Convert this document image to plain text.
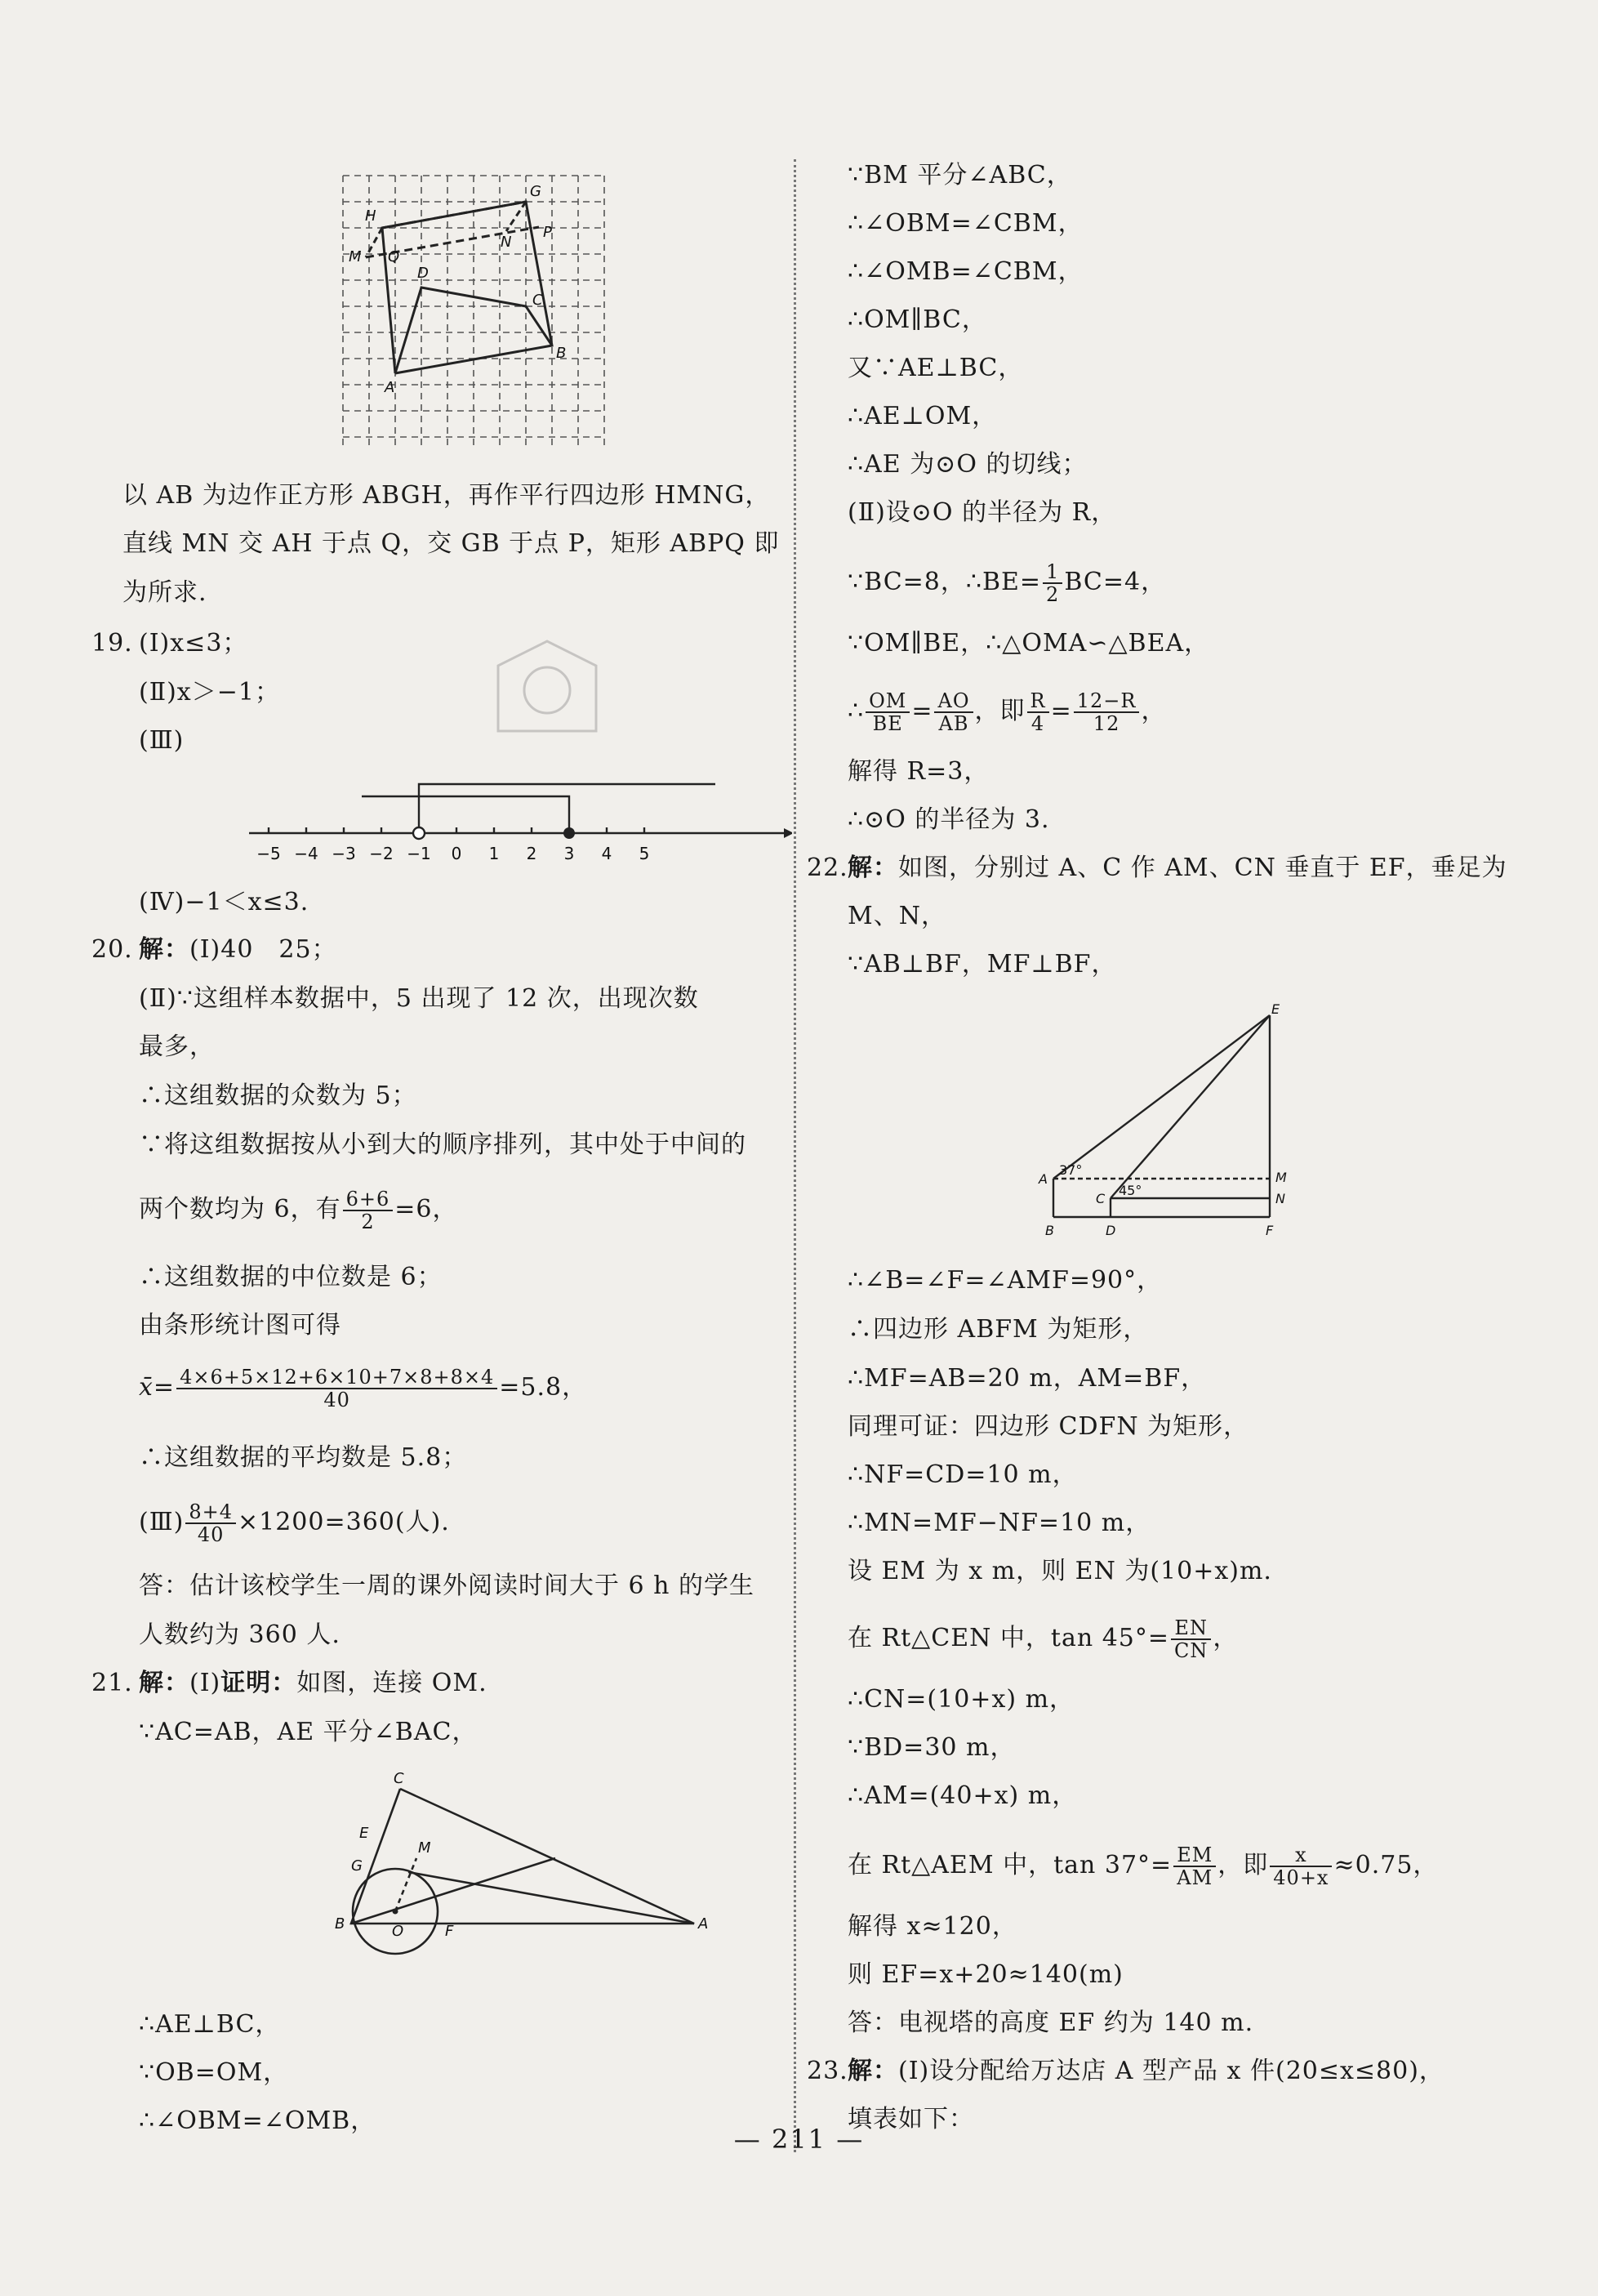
G
H
M
N
P
Q
D
C
B
A
以 AB 为边作正方形 ABGH，再作平行四边形 HMNG，
直线 MN 交 AH 于点 Q，交 GB 于点 P，矩形 ABPQ 即
为所求.
19. (Ⅰ)x≤3；
(Ⅱ)x＞−1；
(Ⅲ)
−5 −4 −3 −2 −1 0 1 2 3 4 5
(Ⅳ)−1＜x≤3.
20. 解：(Ⅰ)40　25；
(Ⅱ)∵这组样本数据中，5 出现了 12 次，出现次数
最多，
∴这组数据的众数为 5；
∵将这组数据按从小到大的顺序排列，其中处于中间的
两个数均为 6，有 $\frac{6+6}{2} =6$，
∴这组数据的中位数是 6；
由条形统计图可得
x̄= $\frac{4\times 6+5\times 12+6\times 10+7\times 8+8\times 4}{40} =5.8$，
∴这组数据的平均数是 5.8；
(Ⅲ) $\frac{8+4}{40} \times 1200=360$(人).
答：估计该校学生一周的课外阅读时间大于 6 h 的学生
人数约为 360 人.
21. 解：(Ⅰ)证明：如图，连接 OM.
∵AC=AB，AE 平分∠BAC，
C
E
G
M
B	O	F	A
∴AE⊥BC，
∵OB=OM，
∴∠OBM=∠OMB，
∵BM 平分∠ABC，
∴∠OBM=∠CBM，
∴∠OMB=∠CBM，
∴OM∥BC，
又∵AE⊥BC，
∴AE⊥OM，
∴AE 为⊙O 的切线；
(Ⅱ)设⊙O 的半径为 R，
∵BC=8，∴BE= $\frac{1}{2} BC=4$，
∵OM∥BE，∴△OMA∽△BEA，
∴ $\frac{OM}{BE} = \frac{AO}{AB}$ ，即 $\frac{R}{4} = \frac{12-R}{12}$ ，
解得 R=3，
∴⊙O 的半径为 3.
22. 解：如图，分别过 A、C 作 AM、CN 垂直于 EF，垂足为
M、N，
∵AB⊥BF，MF⊥BF，
E
A
37°	M
C
45°
N
B	D	F
∴∠B=∠F=∠AMF=90°，
∴四边形 ABFM 为矩形，
∴MF=AB=20 m，AM=BF，
同理可证：四边形 CDFN 为矩形，
∴NF=CD=10 m，
∴MN=MF−NF=10 m，
设 EM 为 x m，则 EN 为(10+x)m.
在 Rt△CEN 中，$\tan 45^\circ= \frac{EN}{CN}$ ，
∴CN=(10+x) m，
∵BD=30 m，
∴AM=(40+x) m，
在 Rt△AEM 中，$\tan 37^\circ= \frac{EM}{AM}$ ，即 $\frac{x}{40+x} \approx 0.75$，
解得 x≈120，
则 EF=x+20≈140(m)
答：电视塔的高度 EF 约为 140 m.
23. 解：(Ⅰ)设分配给万达店 A 型产品 x 件(20≤x≤80)，
填表如下：
— 211 —
